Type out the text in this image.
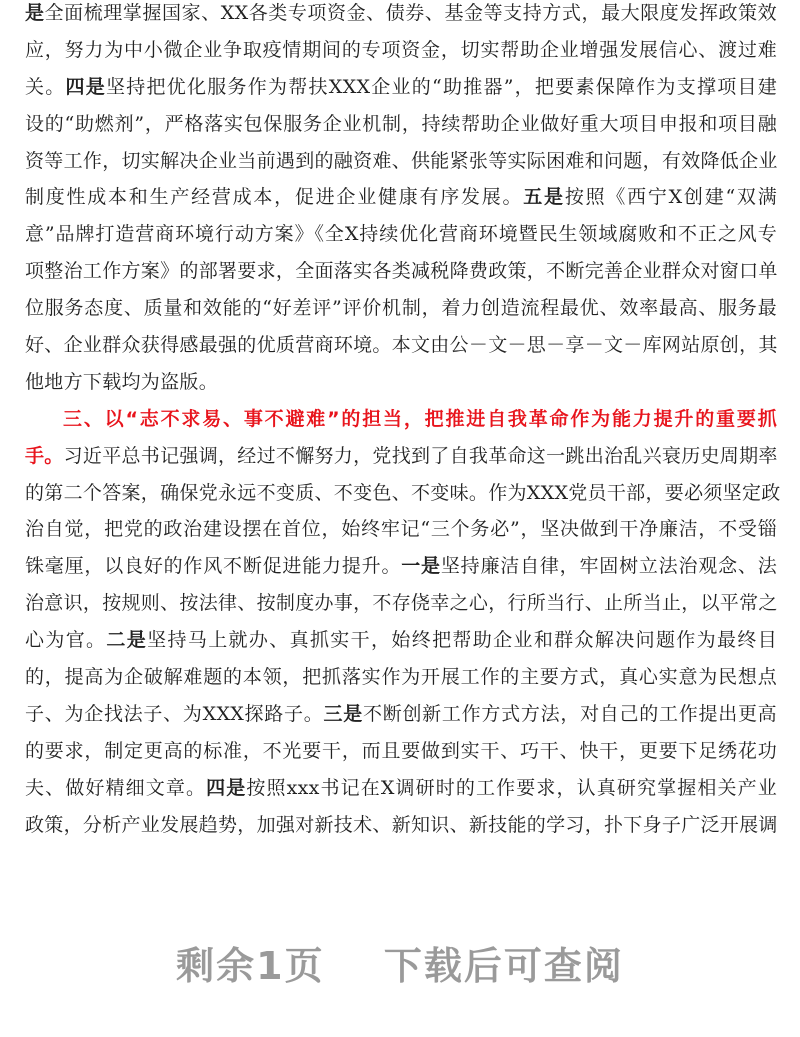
是全面梳理掌握国家、XX各类专项资金、债券、基金等支持方式，最大限度发挥政策效
应，努力为中小微企业争取疫情期间的专项资金，切实帮助企业增强发展信心、渡过难
关。四是坚持把优化服务作为帮扶XXX企业的“助推器”，把要素保障作为支撑项目建
设的“助燃剂”，严格落实包保服务企业机制，持续帮助企业做好重大项目申报和项目融
资等工作，切实解决企业当前遇到的融资难、供能紧张等实际困难和问题，有效降低企业
制度性成本和生产经营成本，促进企业健康有序发展。五是按照《西宁X创建“双满
意”品牌打造营商环境行动方案》《全X持续优化营商环境暨民生领域腐败和不正之风专
项整治工作方案》的部署要求，全面落实各类减税降费政策，不断完善企业群众对窗口单
位服务态度、质量和效能的“好差评”评价机制，着力创造流程最优、效率最高、服务最
好、企业群众获得感最强的优质营商环境。本文由公－文－思－享－文－库网站原创，其
他地方下载均为盗版。
三、以“志不求易、事不避难”的担当，把推进自我革命作为能力提升的重要抓
手。习近平总书记强调，经过不懈努力，党找到了自我革命这一跳出治乱兴衰历史周期率
的第二个答案，确保党永远不变质、不变色、不变味。作为XXX党员干部，要必须坚定政
治自觉，把党的政治建设摆在首位，始终牢记“三个务必”，坚决做到干净廉洁，不受锱
铢毫厘，以良好的作风不断促进能力提升。一是坚持廉洁自律，牢固树立法治观念、法
治意识，按规则、按法律、按制度办事，不存侥幸之心，行所当行、止所当止，以平常之
心为官。二是坚持马上就办、真抓实干，始终把帮助企业和群众解决问题作为最终目
的，提高为企破解难题的本领，把抓落实作为开展工作的主要方式，真心实意为民想点
子、为企找法子、为XXX探路子。三是不断创新工作方式方法，对自己的工作提出更高
的要求，制定更高的标准，不光要干，而且要做到实干、巧干、快干，更要下足绣花功
夫、做好精细文章。四是按照xxx书记在X调研时的工作要求，认真研究掌握相关产业
政策，分析产业发展趋势，加强对新技术、新知识、新技能的学习，扑下身子广泛开展调
剩余1页 下载后可查阅
